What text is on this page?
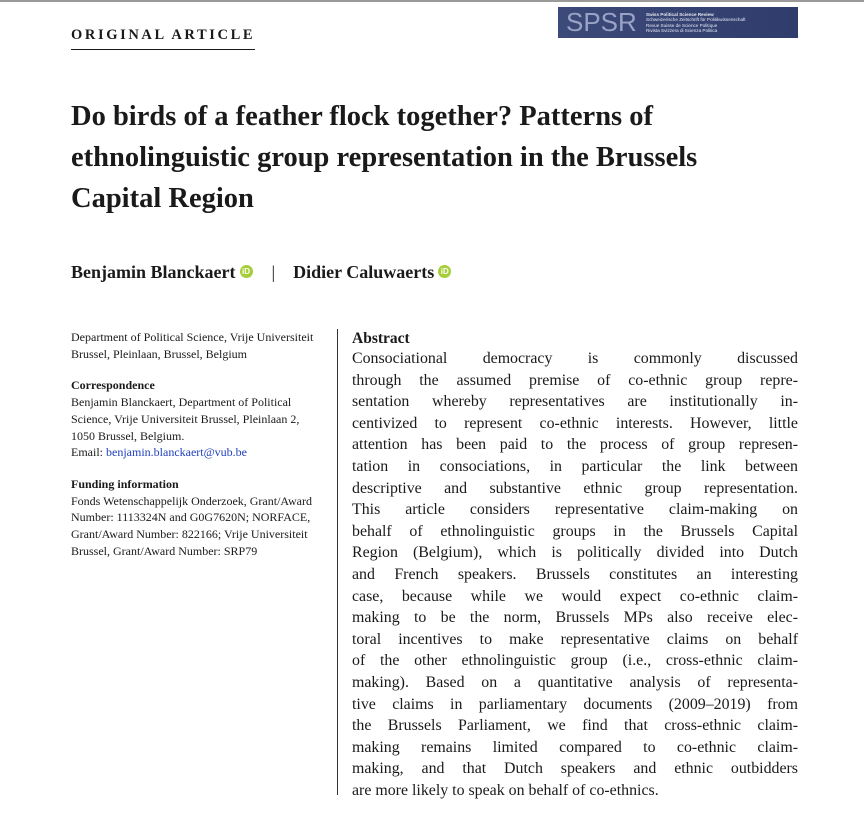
ORIGINAL ARTICLE	SPSR	Swiss Political Science Review
Schweizerische Zeitschrift für Politikwissenschaft
Revue Suisse de Science Politique
Rivista Svizzera di Scienza Politica
Do birds of a feather flock together? Patterns of ethnolinguistic group representation in the Brussels Capital Region
Benjamin Blanckaert iD | Didier Caluwaerts iD

Department of Political Science, Vrije Universiteit Brussel, Pleinlaan, Brussel, Belgium

Correspondence

Benjamin Blanckaert, Department of Political Science, Vrije Universiteit Brussel, Pleinlaan 2, 1050 Brussel, Belgium.

Email: benjamin.blanckaert@vub.be

Funding information

Fonds Wetenschappelijk Onderzoek, Grant/Award Number: 1113324N and G0G7620N; NORFACE, Grant/Award Number: 822166; Vrije Universiteit Brussel, Grant/Award Number: SRP79

Abstract

Consociational democracy is commonly discussed
through the assumed premise of co-ethnic group repre-
sentation whereby representatives are institutionally in-
centivized to represent co-ethnic interests. However, little
attention has been paid to the process of group represen-
tation in consociations, in particular the link between
descriptive and substantive ethnic group representation.
This article considers representative claim-making on
behalf of ethnolinguistic groups in the Brussels Capital
Region (Belgium), which is politically divided into Dutch
and French speakers. Brussels constitutes an interesting
case, because while we would expect co-ethnic claim-
making to be the norm, Brussels MPs also receive elec-
toral incentives to make representative claims on behalf
of the other ethnolinguistic group (i.e., cross-ethnic claim-
making). Based on a quantitative analysis of representa-
tive claims in parliamentary documents (2009–2019) from
the Brussels Parliament, we find that cross-ethnic claim-
making remains limited compared to co-ethnic claim-
making, and that Dutch speakers and ethnic outbidders
are more likely to speak on behalf of co-ethnics.
